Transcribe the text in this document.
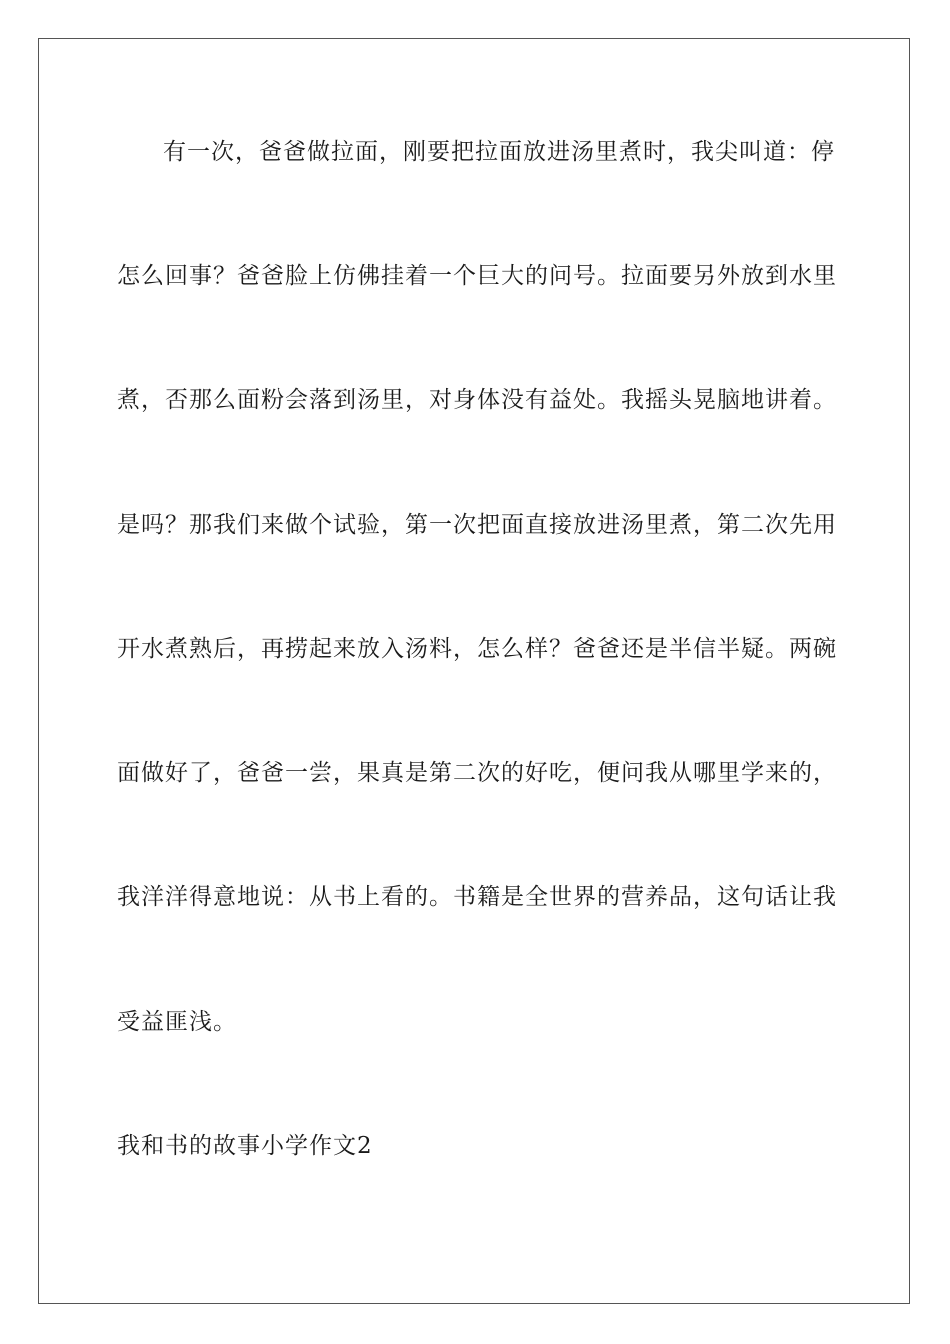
有一次，爸爸做拉面，刚要把拉面放进汤里煮时，我尖叫道：停
怎么回事？爸爸脸上仿佛挂着一个巨大的问号。拉面要另外放到水里
煮，否那么面粉会落到汤里，对身体没有益处。我摇头晃脑地讲着。
是吗？那我们来做个试验，第一次把面直接放进汤里煮，第二次先用
开水煮熟后，再捞起来放入汤料，怎么样？爸爸还是半信半疑。两碗
面做好了，爸爸一尝，果真是第二次的好吃，便问我从哪里学来的，
我洋洋得意地说：从书上看的。书籍是全世界的营养品，这句话让我
受益匪浅。
我和书的故事小学作文2
